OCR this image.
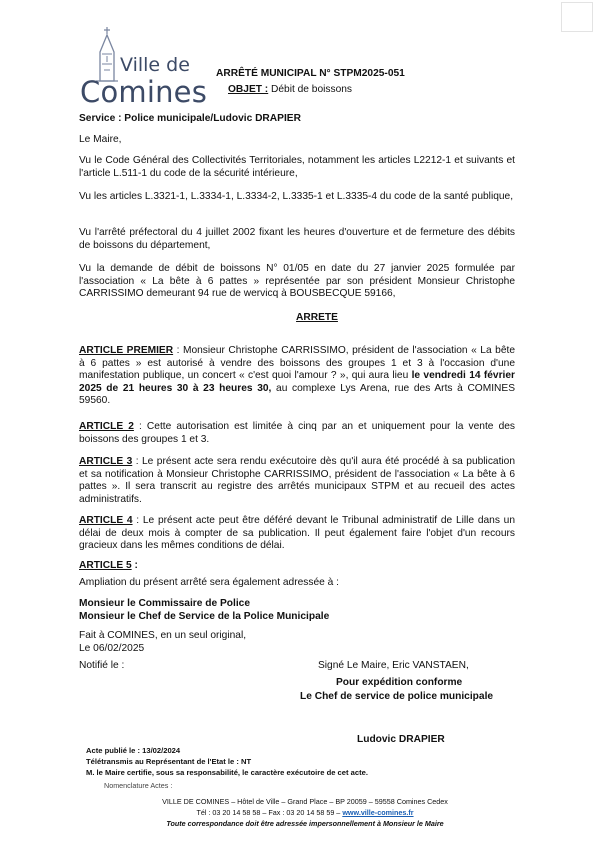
Ville de
Comines
ARRÊTÉ MUNICIPAL N° STPM2025-051
OBJET : Débit de boissons
Service : Police municipale/Ludovic DRAPIER
Le Maire,
Vu le Code Général des Collectivités Territoriales, notamment les articles L2212-1 et suivants et l'article L.511-1 du code de la sécurité intérieure,
Vu les articles L.3321-1, L.3334-1, L.3334-2, L.3335-1 et L.3335-4 du code de la santé publique,
Vu l'arrêté préfectoral du 4 juillet 2002 fixant les heures d'ouverture et de fermeture des débits de boissons du département,
Vu la demande de débit de boissons N° 01/05 en date du 27 janvier 2025 formulée par l'association « La bête à 6 pattes » représentée par son président Monsieur Christophe CARRISSIMO demeurant 94 rue de wervicq à BOUSBECQUE 59166,
ARRETE
ARTICLE PREMIER : Monsieur Christophe CARRISSIMO, président de l'association « La bête à 6 pattes » est autorisé à vendre des boissons des groupes 1 et 3 à l'occasion d'une manifestation publique, un concert « c'est quoi l'amour ? », qui aura lieu le vendredi 14 février 2025 de 21 heures 30 à 23 heures 30, au complexe Lys Arena, rue des Arts à COMINES 59560.
ARTICLE 2 : Cette autorisation est limitée à cinq par an et uniquement pour la vente des boissons des groupes 1 et 3.
ARTICLE 3 : Le présent acte sera rendu exécutoire dès qu'il aura été procédé à sa publication et sa notification à Monsieur Christophe CARRISSIMO, président de l'association « La bête à 6 pattes ». Il sera transcrit au registre des arrêtés municipaux STPM et au recueil des actes administratifs.
ARTICLE 4 : Le présent acte peut être déféré devant le Tribunal administratif de Lille dans un délai de deux mois à compter de sa publication. Il peut également faire l'objet d'un recours gracieux dans les mêmes conditions de délai.
ARTICLE 5 :
Ampliation du présent arrêté sera également adressée à :
Monsieur le Commissaire de Police
Monsieur le Chef de Service de la Police Municipale
Fait à COMINES, en un seul original,
Le 06/02/2025
Notifié le :	Signé Le Maire, Eric VANSTAEN,
Pour expédition conforme
Le Chef de service de police municipale
Ludovic DRAPIER
Acte publié le : 13/02/2024
Télétransmis au Représentant de l'Etat le : NT
M. le Maire certifie, sous sa responsabilité, le caractère exécutoire de cet acte.
Nomenclature Actes :
VILLE DE COMINES – Hôtel de Ville – Grand Place – BP 20059 – 59558 Comines Cedex
Tél : 03 20 14 58 58 – Fax : 03 20 14 58 59 – www.ville-comines.fr
Toute correspondance doit être adressée impersonnellement à Monsieur le Maire
